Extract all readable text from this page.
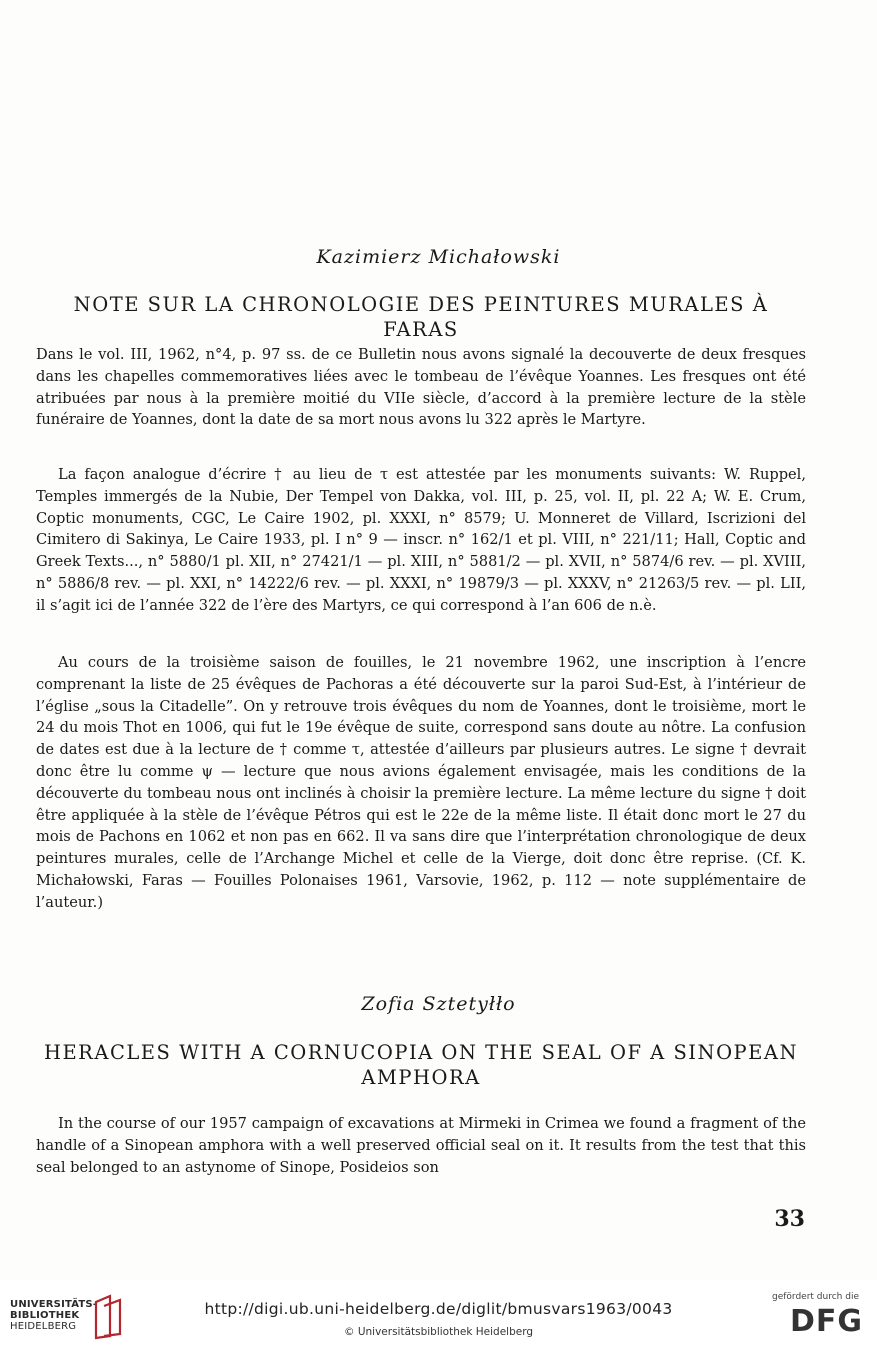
Kazimierz Michałowski
NOTE SUR LA CHRONOLOGIE DES PEINTURES MURALES À FARAS

Dans le vol. III, 1962, n°4, p. 97 ss. de ce Bulletin nous avons signalé la decouverte de deux fresques dans les chapelles commemoratives liées avec le tombeau de l’évêque Yoannes. Les fresques ont été atribuées par nous à la première moitié du VIIe siècle, d’accord à la première lecture de la stèle funéraire de Yoannes, dont la date de sa mort nous avons lu 322 après le Martyre.

La façon analogue d’écrire † au lieu de τ est attestée par les monuments suivants: W. Ruppel, Temples immergés de la Nubie, Der Tempel von Dakka, vol. III, p. 25, vol. II, pl. 22 A; W. E. Crum, Coptic monuments, CGC, Le Caire 1902, pl. XXXI, n° 8579; U. Monneret de Villard, Iscrizioni del Cimitero di Sakinya, Le Caire 1933, pl. I n° 9 — inscr. n° 162/1 et pl. VIII, n° 221/11; Hall, Coptic and Greek Texts..., n° 5880/1 pl. XII, n° 27421/1 — pl. XIII, n° 5881/2 — pl. XVII, n° 5874/6 rev. — pl. XVIII, n° 5886/8 rev. — pl. XXI, n° 14222/6 rev. — pl. XXXI, n° 19879/3 — pl. XXXV, n° 21263/5 rev. — pl. LII, il s’agit ici de l’année 322 de l’ère des Martyrs, ce qui correspond à l’an 606 de n.è.

Au cours de la troisième saison de fouilles, le 21 novembre 1962, une inscription à l’encre comprenant la liste de 25 évêques de Pachoras a été découverte sur la paroi Sud-Est, à l’intérieur de l’église „sous la Citadelle”. On y retrouve trois évêques du nom de Yoannes, dont le troisième, mort le 24 du mois Thot en 1006, qui fut le 19e évêque de suite, correspond sans doute au nôtre. La confusion de dates est due à la lecture de † comme τ, attestée d’ailleurs par plusieurs autres. Le signe † devrait donc être lu comme ψ — lecture que nous avions également envisagée, mais les conditions de la découverte du tombeau nous ont inclinés à choisir la première lecture. La même lecture du signe † doit être appliquée à la stèle de l’évêque Pétros qui est le 22e de la même liste. Il était donc mort le 27 du mois de Pachons en 1062 et non pas en 662. Il va sans dire que l’interprétation chronologique de deux peintures murales, celle de l’Archange Michel et celle de la Vierge, doit donc être reprise. (Cf. K. Michałowski, Faras — Fouilles Polonaises 1961, Varsovie, 1962, p. 112 — note supplémentaire de l’auteur.)

Zofia Sztetyłło
HERACLES WITH A CORNUCOPIA ON THE SEAL OF A SINOPEAN AMPHORA

In the course of our 1957 campaign of excavations at Mirmeki in Crimea we found a fragment of the handle of a Sinopean amphora with a well preserved official seal on it. It results from the test that this seal belonged to an astynome of Sinope, Posideios son

33
UNIVERSITÄTS-
BIBLIOTHEK
HEIDELBERG
http://digi.ub.uni-heidelberg.de/diglit/bmusvars1963/0043
© Universitätsbibliothek Heidelberg
gefördert durch die
DFG
